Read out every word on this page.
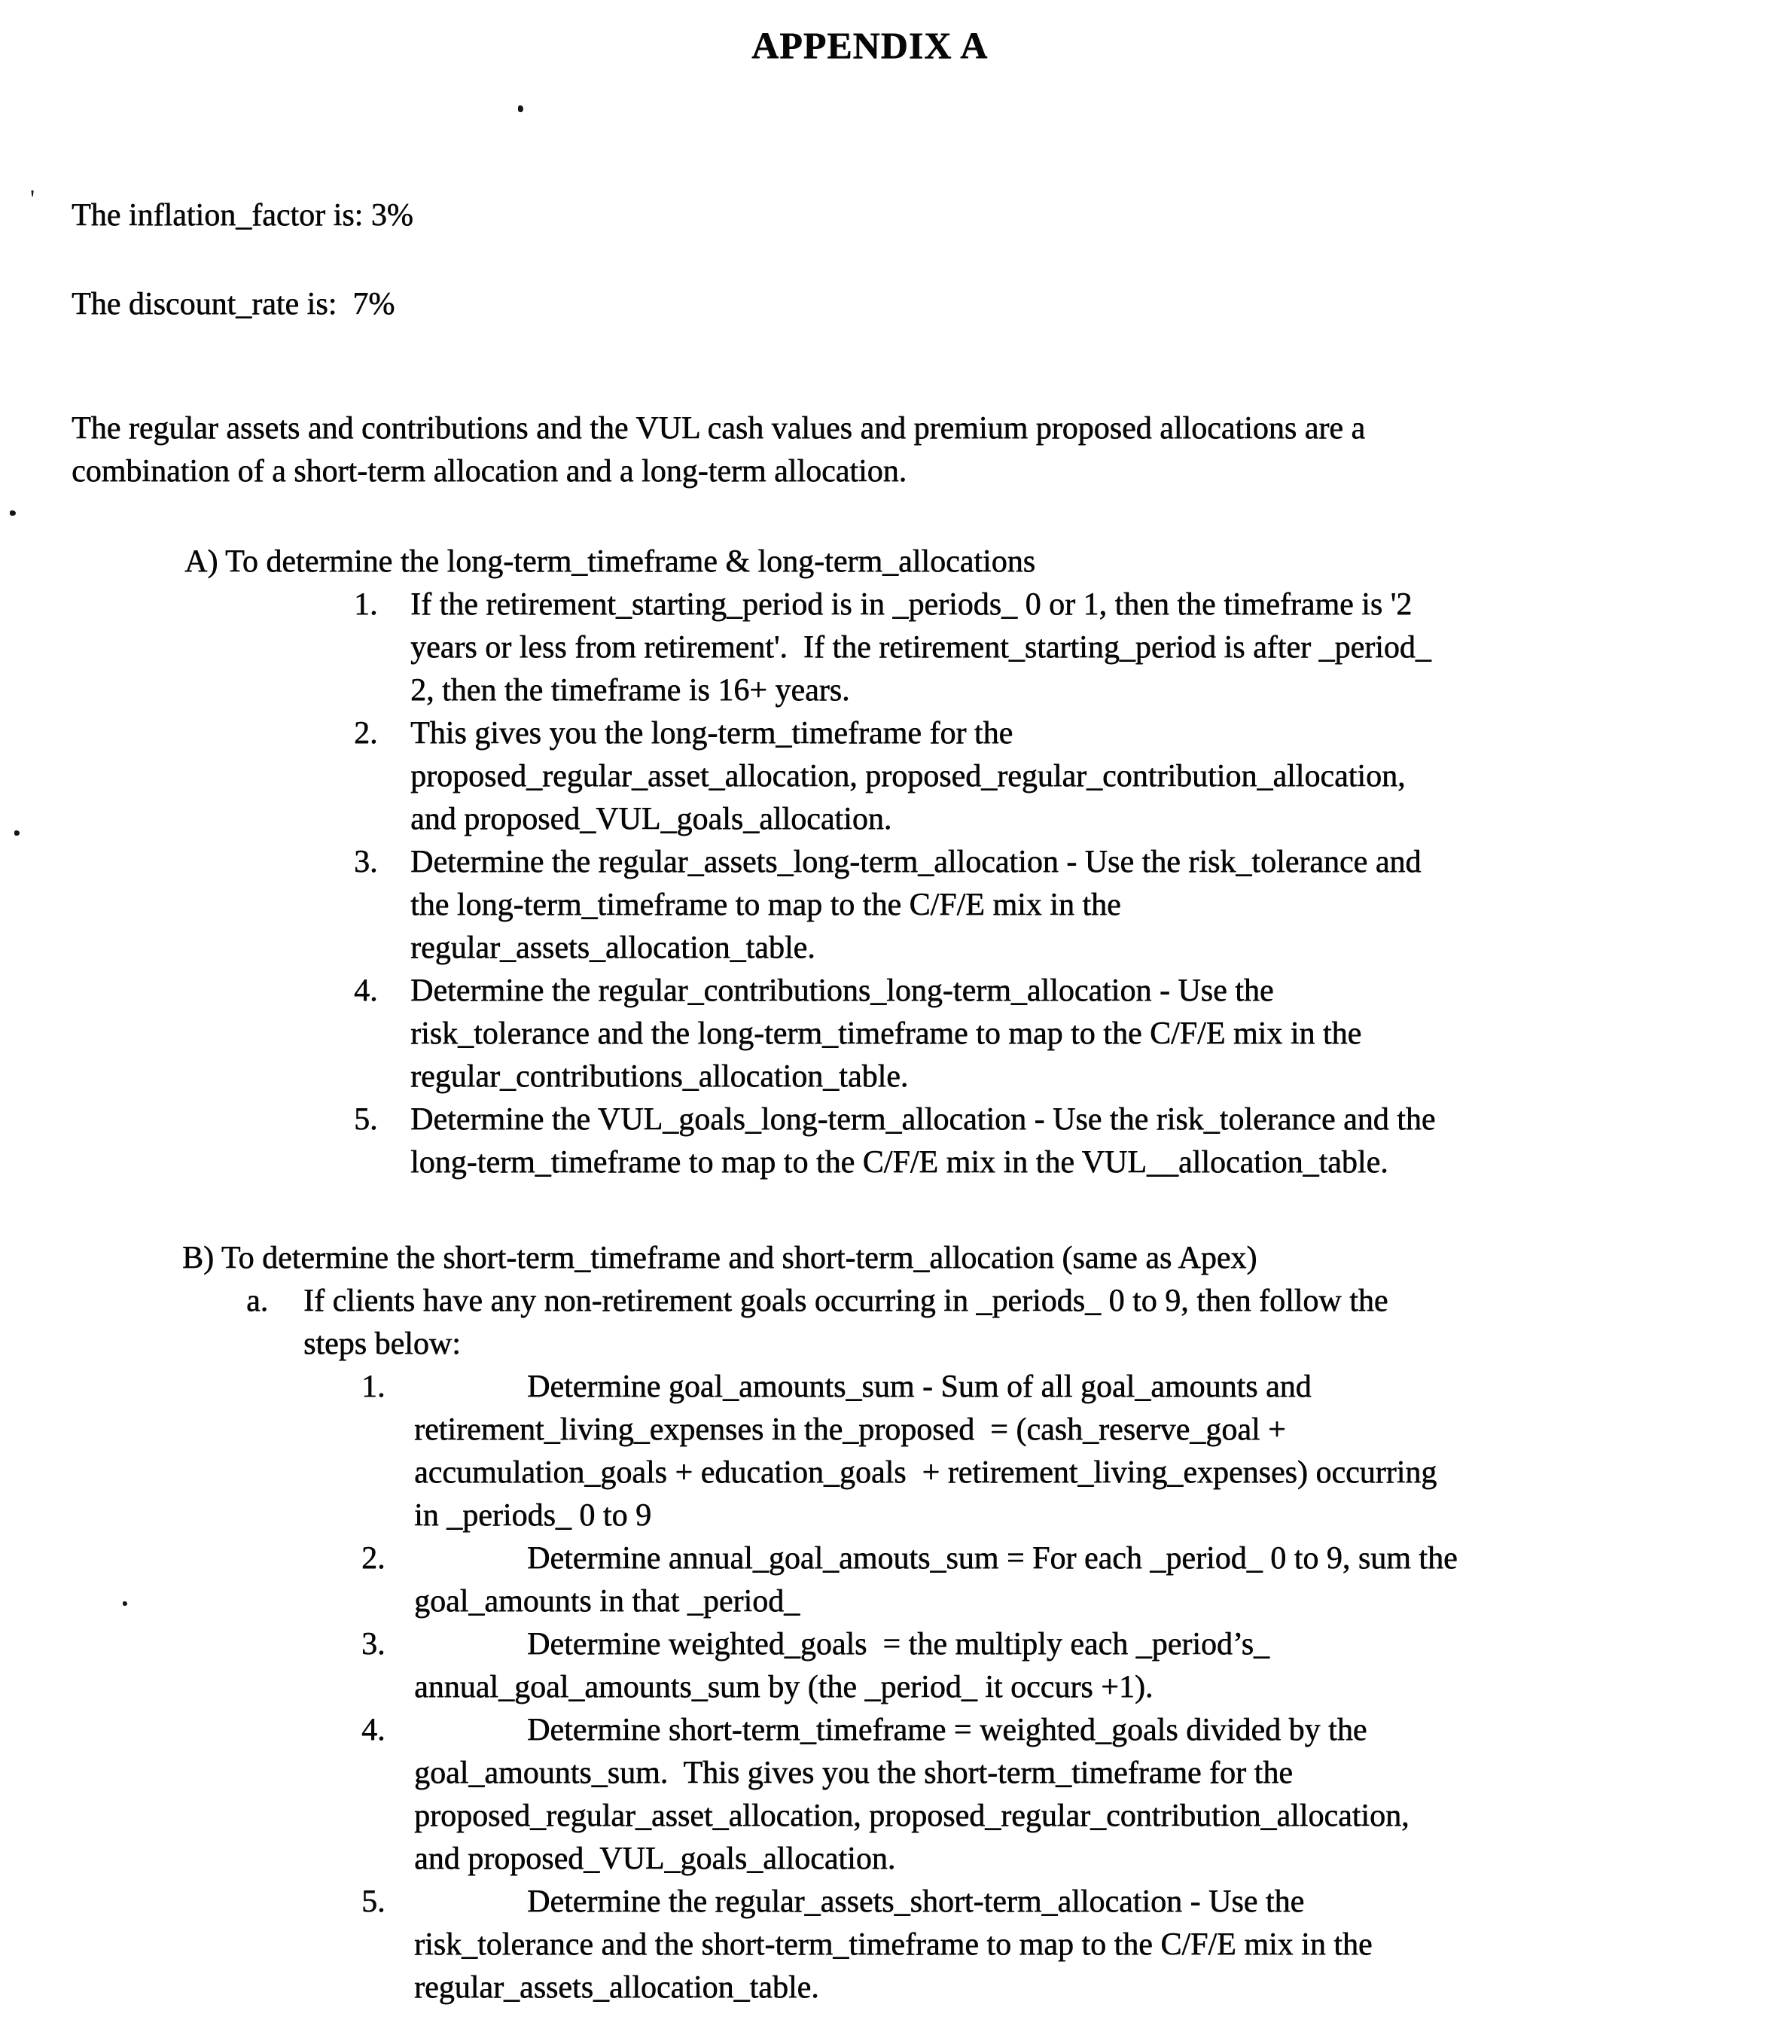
APPENDIX A
The inflation_factor is: 3%
The discount_rate is:  7%
The regular assets and contributions and the VUL cash values and premium proposed allocations are a
combination of a short-term allocation and a long-term allocation.
A) To determine the long-term_timeframe & long-term_allocations
1.	If the retirement_starting_period is in _periods_ 0 or 1, then the timeframe is '2
years or less from retirement'.  If the retirement_starting_period is after _period_
2, then the timeframe is 16+ years.
2.	This gives you the long-term_timeframe for the
proposed_regular_asset_allocation, proposed_regular_contribution_allocation,
and proposed_VUL_goals_allocation.
3.	Determine the regular_assets_long-term_allocation - Use the risk_tolerance and
the long-term_timeframe to map to the C/F/E mix in the
regular_assets_allocation_table.
4.	Determine the regular_contributions_long-term_allocation - Use the
risk_tolerance and the long-term_timeframe to map to the C/F/E mix in the
regular_contributions_allocation_table.
5.	Determine the VUL_goals_long-term_allocation - Use the risk_tolerance and the
long-term_timeframe to map to the C/F/E mix in the VUL__allocation_table.
B) To determine the short-term_timeframe and short-term_allocation (same as Apex)
a.	If clients have any non-retirement goals occurring in _periods_ 0 to 9, then follow the
steps below:
1.	Determine goal_amounts_sum - Sum of all goal_amounts and
retirement_living_expenses in the_proposed  = (cash_reserve_goal +
accumulation_goals + education_goals  + retirement_living_expenses) occurring
in _periods_ 0 to 9
2.	Determine annual_goal_amouts_sum = For each _period_ 0 to 9, sum the
goal_amounts in that _period_
3.	Determine weighted_goals  = the multiply each _period’s_
annual_goal_amounts_sum by (the _period_ it occurs +1).
4.	Determine short-term_timeframe = weighted_goals divided by the
goal_amounts_sum.  This gives you the short-term_timeframe for the
proposed_regular_asset_allocation, proposed_regular_contribution_allocation,
and proposed_VUL_goals_allocation.
5.	Determine the regular_assets_short-term_allocation - Use the
risk_tolerance and the short-term_timeframe to map to the C/F/E mix in the
regular_assets_allocation_table.
'
